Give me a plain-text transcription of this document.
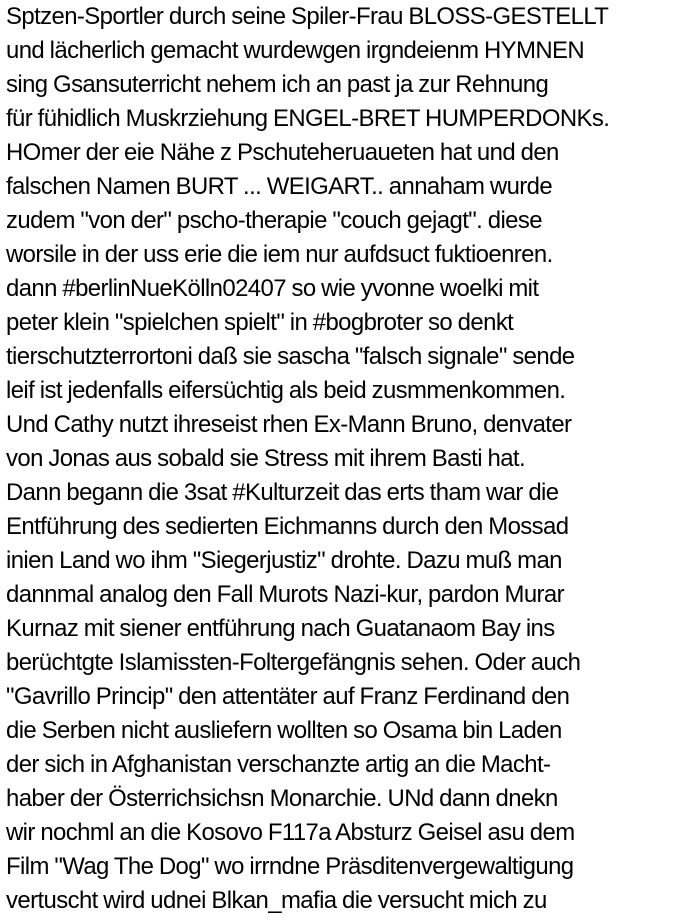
Sptzen-Sportler durch seine Spiler-Frau BLOSS-GESTELLT
und lächerlich gemacht wurdewgen irgndeienm HYMNEN
sing Gsansuterricht nehem ich an past ja zur Rehnung
für fühidlich Muskrziehung ENGEL-BRET HUMPERDONKs.
HOmer der eie Nähe z Pschuteheruaueten hat und den
falschen Namen BURT ... WEIGART.. annaham wurde
zudem "von der" pscho-therapie "couch gejagt". diese
worsile in der uss erie die iem nur aufdsuct fuktioenren.
dann #berlinNueKölln02407 so wie yvonne woelki mit
peter klein "spielchen spielt" in #bogbroter so denkt
tierschutzterrortoni daß sie sascha "falsch signale" sende
leif ist jedenfalls eifersüchtig als beid zusmmenkommen.
Und Cathy nutzt ihreseist rhen Ex-Mann Bruno, denvater
von Jonas aus sobald sie Stress mit ihrem Basti hat.
Dann begann die 3sat #Kulturzeit das erts tham war die
Entführung des sedierten Eichmanns durch den Mossad
inien Land wo ihm "Siegerjustiz" drohte. Dazu muß man
dannmal analog den Fall Murots Nazi-kur, pardon Murar
Kurnaz mit siener entführung nach Guatanaom Bay ins
berüchtgte Islamissten-Foltergefängnis sehen. Oder auch
"Gavrillo Princip" den attentäter auf Franz Ferdinand den
die Serben nicht ausliefern wollten so Osama bin Laden
der sich in Afghanistan verschanzte artig an die Macht-
haber der Österrichsichsn Monarchie. UNd dann dnekn
wir nochml an die Kosovo F117a Absturz Geisel asu dem
Film "Wag The Dog" wo irrndne Präsditenvergewaltigung
vertuscht wird udnei Blkan_mafia die versucht mich zu
